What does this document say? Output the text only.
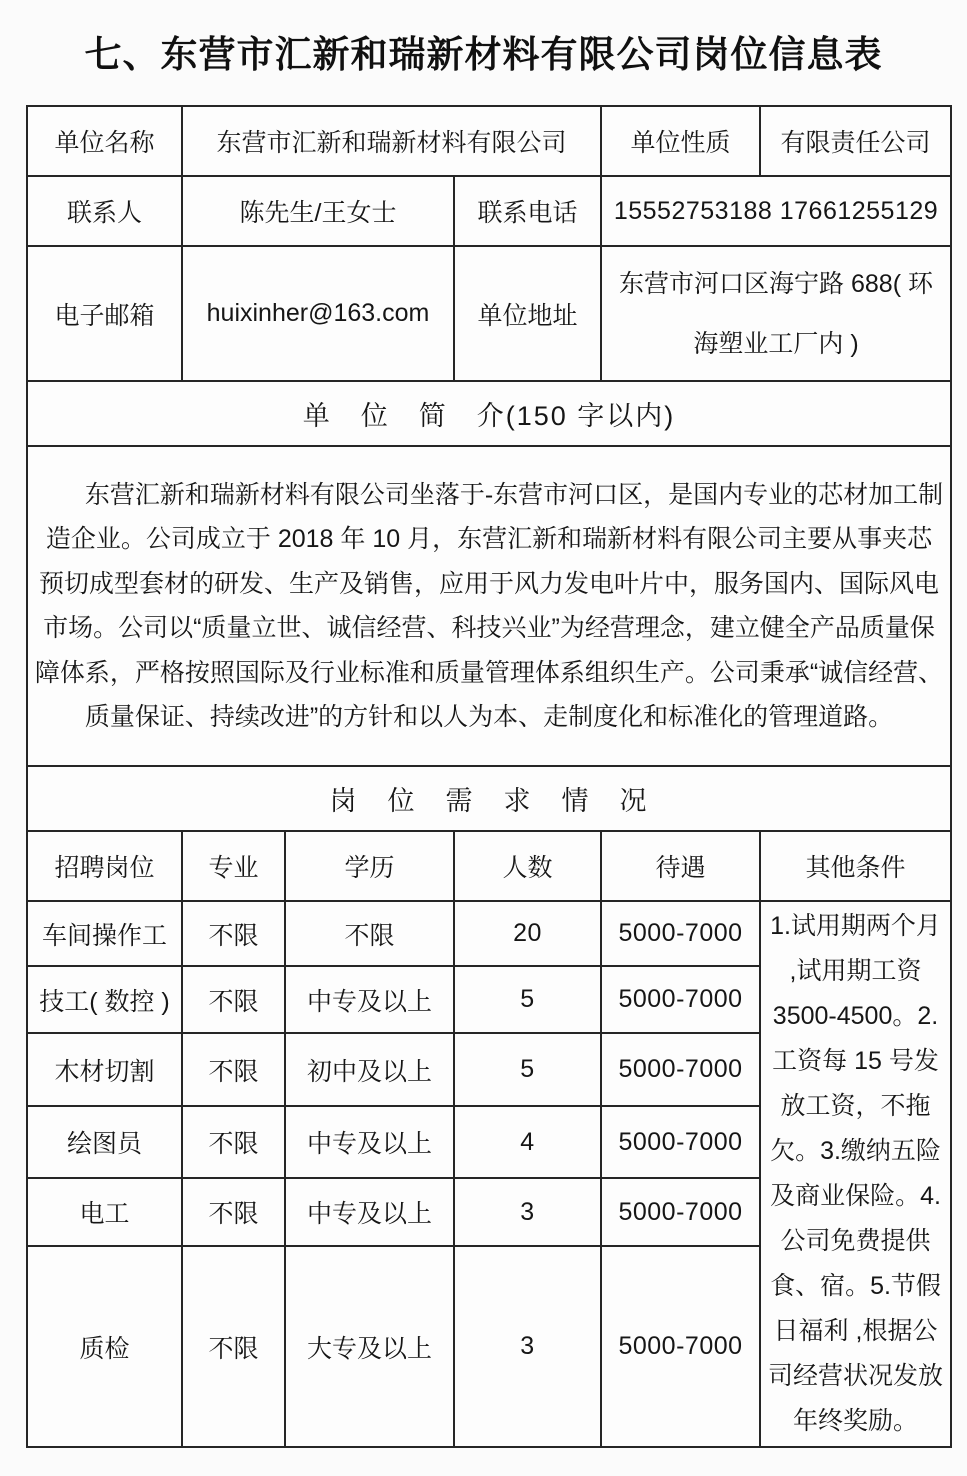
七、东营市汇新和瑞新材料有限公司岗位信息表
单位名称	东营市汇新和瑞新材料有限公司		单位性质	有限责任公司
联系人	陈先生/王女士	联系电话	15552753188 17661255129	
电子邮箱	huixinher@163.com	单位地址	东营市河口区海宁路 688( 环海塑业工厂内 )	
单　位　简　介(150 字以内)				
东营汇新和瑞新材料有限公司坐落于-东营市河口区，是国内专业的芯材加工制造企业。公司成立于 2018 年 10 月，东营汇新和瑞新材料有限公司主要从事夹芯预切成型套材的研发、生产及销售，应用于风力发电叶片中，服务国内、国际风电市场。公司以“质量立世、诚信经营、科技兴业”为经营理念，建立健全产品质量保障体系，严格按照国际及行业标准和质量管理体系组织生产。公司秉承“诚信经营、质量保证、持续改进”的方针和以人为本、走制度化和标准化的管理道路。				
岗　位　需　求　情　况				
招聘岗位	专业	学历	人数	待遇	其他条件
车间操作工	不限	不限	20	5000-7000	1.试用期两个月 ,试用期工资 3500-4500。2.工资每 15 号发放工资，不拖欠。3.缴纳五险及商业保险。4.公司免费提供食、宿。5.节假日福利 ,根据公司经营状况发放年终奖励。
技工( 数控 )	不限	中专及以上	5	5000-7000	
木材切割	不限	初中及以上	5	5000-7000	
绘图员	不限	中专及以上	4	5000-7000	
电工	不限	中专及以上	3	5000-7000	
质检	不限	大专及以上	3	5000-7000	
